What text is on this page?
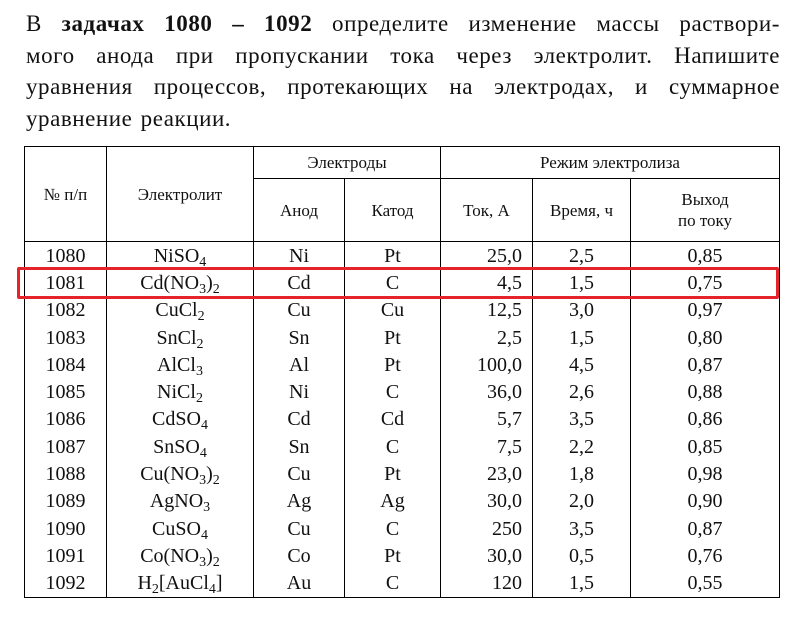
В задачах 1080 – 1092 определите изменение массы раствори-
мого анода при пропускании тока через электролит. Напишите
уравнения процессов, протекающих на электродах, и суммарное
уравнение реакции.
№ п/п	Электролит	Электроды		Режим электролиза		
		Анод	Катод	Ток, А	Время, ч	Выход
по току

1080	NiSO$_4$	Ni	Pt	25,0	2,5	0,85
1081	$Cd(NO_3)_2$	Cd	C	4,5	1,5	0,75
1082	CuCl$_2$	Cu	Cu	12,5	3,0	0,97
1083	SnCl$_2$	Sn	Pt	2,5	1,5	0,80
1084	AlCl$_3$	Al	Pt	100,0	4,5	0,87
1085	NiCl$_2$	Ni	C	36,0	2,6	0,88
1086	CdSO$_4$	Cd	Cd	5,7	3,5	0,86
1087	SnSO$_4$	Sn	C	7,5	2,2	0,85
1088	$Cu(NO_3)_2$	Cu	Pt	23,0	1,8	0,98
1089	AgNO$_3$	Ag	Ag	30,0	2,0	0,90
1090	CuSO$_4$	Cu	C	250	3,5	0,87
1091	$Co(NO_3)_2$	Co	Pt	30,0	0,5	0,76
1092	$H_2[AuCl_4]$	Au	C	120	1,5	0,55
